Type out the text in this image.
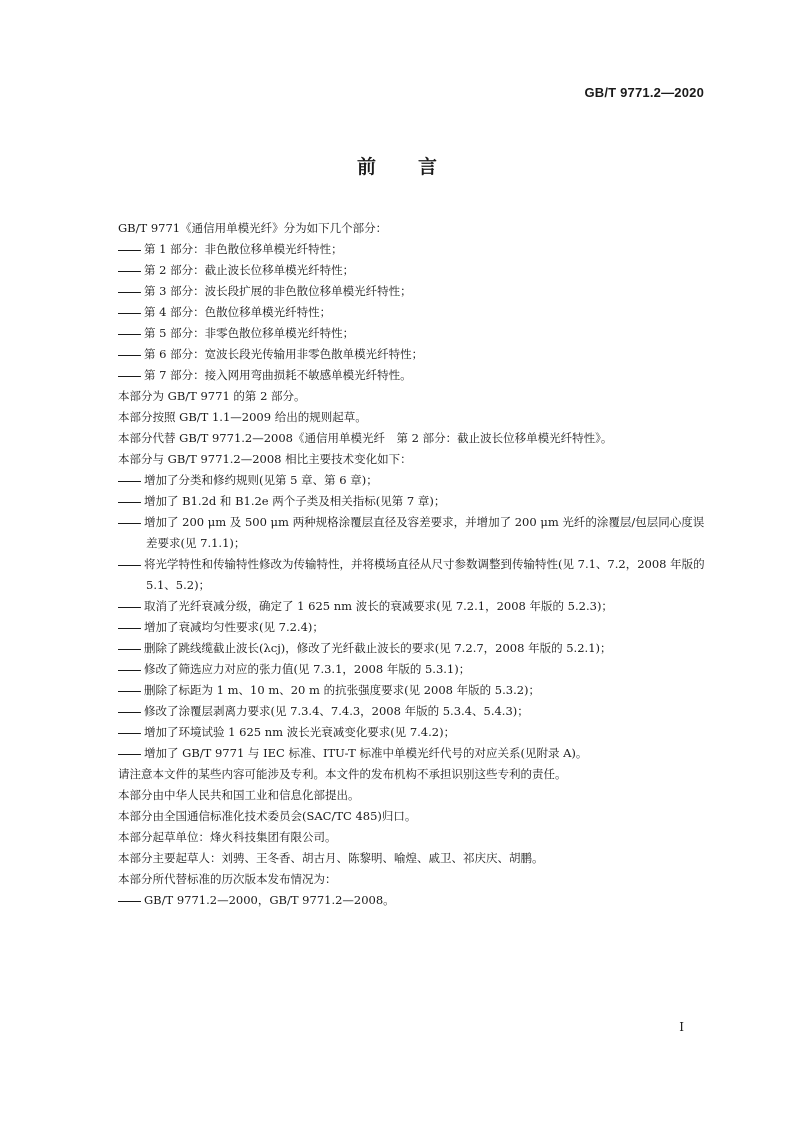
GB/T 9771.2—2020
前言
GB/T 9771《通信用单模光纤》分为如下几个部分：
第 1 部分：非色散位移单模光纤特性；
第 2 部分：截止波长位移单模光纤特性；
第 3 部分：波长段扩展的非色散位移单模光纤特性；
第 4 部分：色散位移单模光纤特性；
第 5 部分：非零色散位移单模光纤特性；
第 6 部分：宽波长段光传输用非零色散单模光纤特性；
第 7 部分：接入网用弯曲损耗不敏感单模光纤特性。
本部分为 GB/T 9771 的第 2 部分。
本部分按照 GB/T 1.1—2009 给出的规则起草。
本部分代替 GB/T 9771.2—2008《通信用单模光纤　第 2 部分：截止波长位移单模光纤特性》。
本部分与 GB/T 9771.2—2008 相比主要技术变化如下：
增加了分类和修约规则(见第 5 章、第 6 章)；
增加了 B1.2d 和 B1.2e 两个子类及相关指标(见第 7 章)；
增加了 200 μm 及 500 μm 两种规格涂覆层直径及容差要求，并增加了 200 μm 光纤的涂覆层/包层同心度误差要求(见 7.1.1)；
将光学特性和传输特性修改为传输特性，并将模场直径从尺寸参数调整到传输特性(见 7.1、7.2，2008 年版的 5.1、5.2)；
取消了光纤衰减分级，确定了 1 625 nm 波长的衰减要求(见 7.2.1，2008 年版的 5.2.3)；
增加了衰减均匀性要求(见 7.2.4)；
删除了跳线缆截止波长(λcj)，修改了光纤截止波长的要求(见 7.2.7，2008 年版的 5.2.1)；
修改了筛选应力对应的张力值(见 7.3.1，2008 年版的 5.3.1)；
删除了标距为 1 m、10 m、20 m 的抗张强度要求(见 2008 年版的 5.3.2)；
修改了涂覆层剥离力要求(见 7.3.4、7.4.3，2008 年版的 5.3.4、5.4.3)；
增加了环境试验 1 625 nm 波长光衰减变化要求(见 7.4.2)；
增加了 GB/T 9771 与 IEC 标准、ITU-T 标准中单模光纤代号的对应关系(见附录 A)。
请注意本文件的某些内容可能涉及专利。本文件的发布机构不承担识别这些专利的责任。
本部分由中华人民共和国工业和信息化部提出。
本部分由全国通信标准化技术委员会(SAC/TC 485)归口。
本部分起草单位：烽火科技集团有限公司。
本部分主要起草人：刘骋、王冬香、胡古月、陈黎明、喻煌、戚卫、祁庆庆、胡鹏。
本部分所代替标准的历次版本发布情况为：
GB/T 9771.2—2000，GB/T 9771.2—2008。
I
